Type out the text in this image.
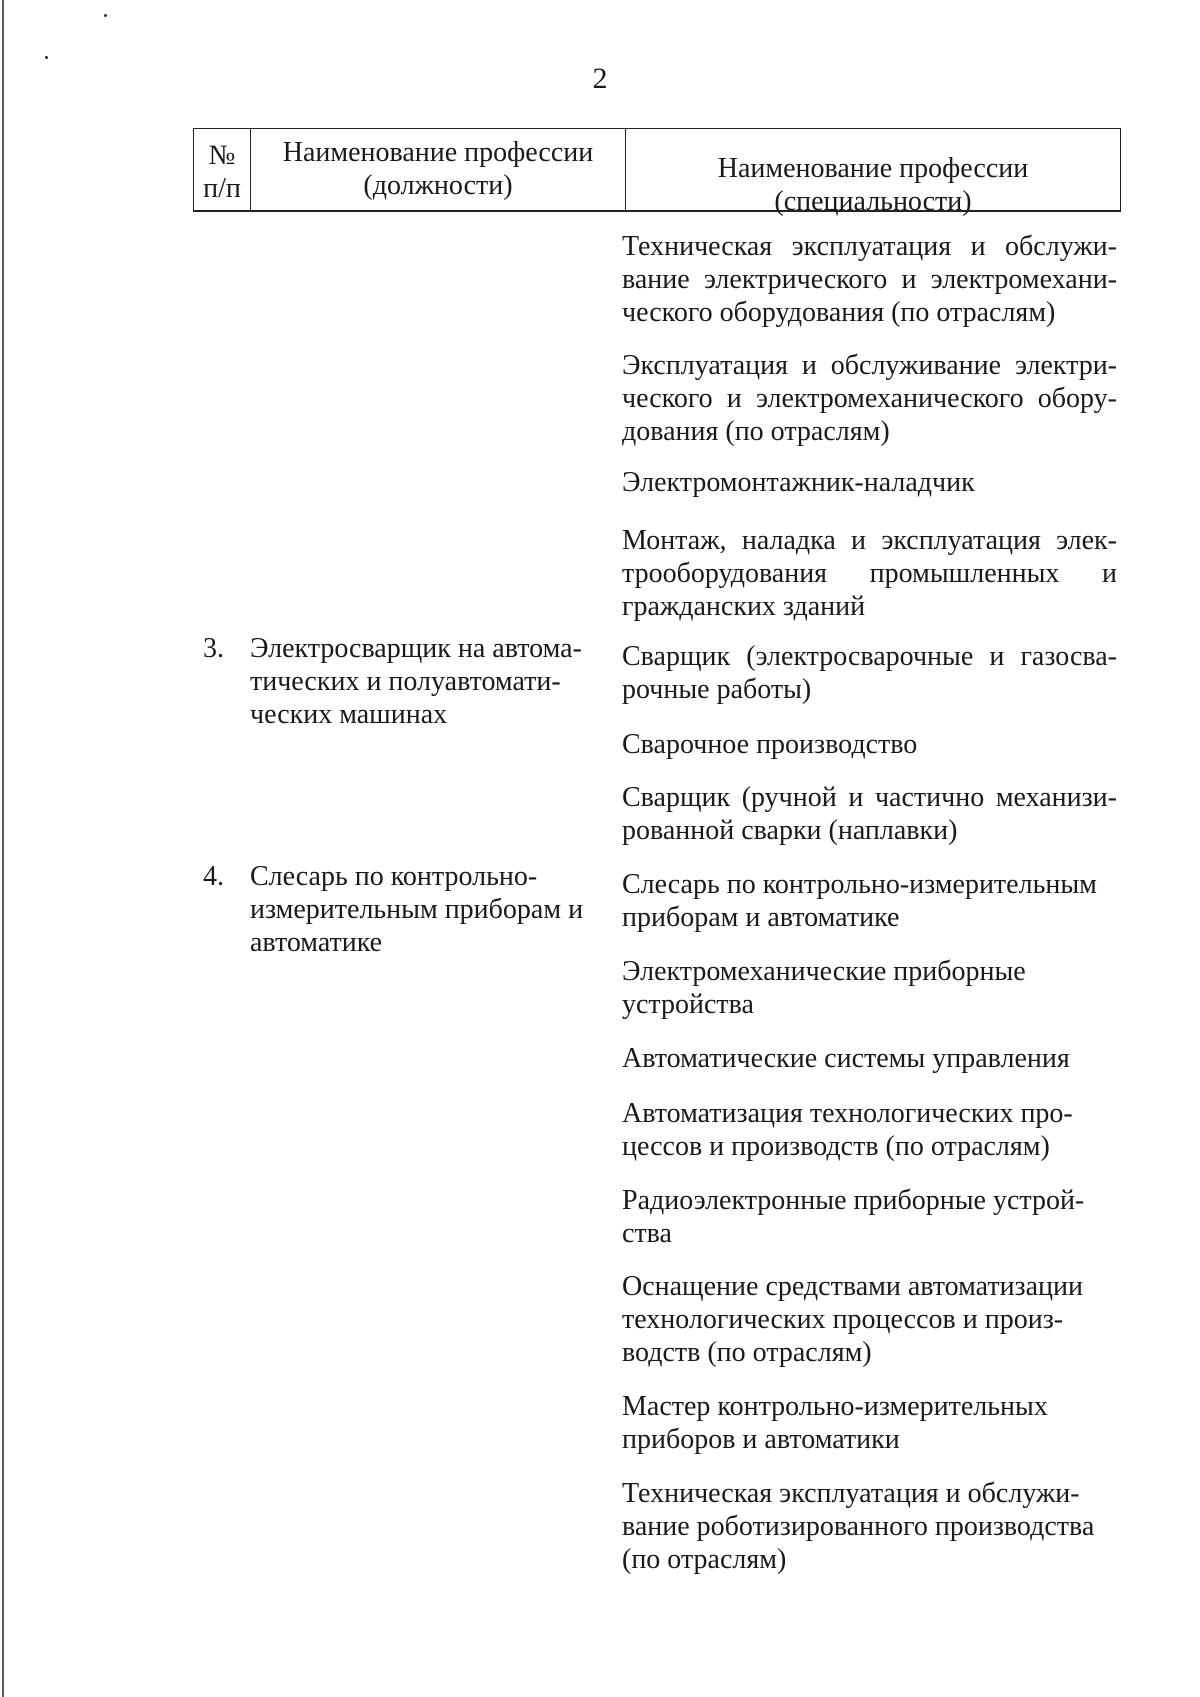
2
№
п/п
Наименование профессии
(должности)
Наименование профессии
(специальности)
Техническая эксплуатация и обслужи-
вание электрического и электромехани-
ческого оборудования (по отраслям)
Эксплуатация и обслуживание электри-
ческого и электромеханического обору-
дования (по отраслям)
Электромонтажник-наладчик
Монтаж, наладка и эксплуатация элек-
трооборудования промышленных и
гражданских зданий
3. Электросварщик на автома-
тических и полуавтомати-
ческих машинах
Сварщик (электросварочные и газосва-
рочные работы)
Сварочное производство
Сварщик (ручной и частично механизи-
рованной сварки (наплавки)
4. Слесарь по контрольно-
измерительным приборам и
автоматике
Слесарь по контрольно-измерительным
приборам и автоматике
Электромеханические приборные
устройства
Автоматические системы управления
Автоматизация технологических про-
цессов и производств (по отраслям)
Радиоэлектронные приборные устрой-
ства
Оснащение средствами автоматизации
технологических процессов и произ-
водств (по отраслям)
Мастер контрольно-измерительных
приборов и автоматики
Техническая эксплуатация и обслужи-
вание роботизированного производства
(по отраслям)
